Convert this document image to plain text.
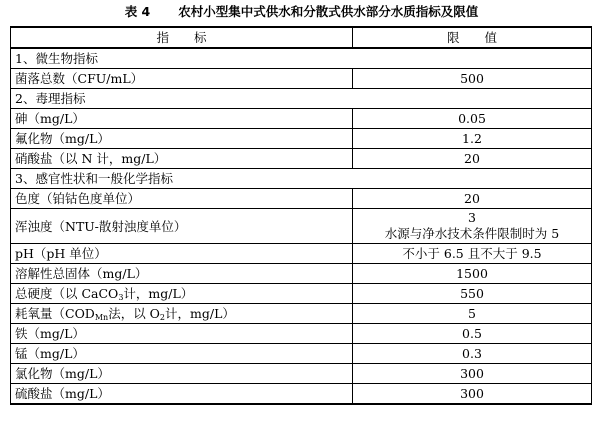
表 4 农村小型集中式供水和分散式供水部分水质指标及限值
指　　标	限　　值
1、微生物指标	
菌落总数（CFU/mL）	500
2、毒理指标	
砷（mg/L）	0.05
氟化物（mg/L）	1.2
硝酸盐（以 N 计，mg/L）	20
3、感官性状和一般化学指标	
色度（铂钴色度单位）	20
浑浊度（NTU-散射浊度单位）	3
水源与净水技术条件限制时为 5

pH（pH 单位）	不小于 6.5 且不大于 9.5
溶解性总固体（mg/L）	1500
总硬度（以 CaCO$_3$计，mg/L）	550
耗氧量（$COD_{Mn}$法，以 $O_2$计，mg/L）	5
铁（mg/L）	0.5
锰（mg/L）	0.3
氯化物（mg/L）	300
硫酸盐（mg/L）	300
